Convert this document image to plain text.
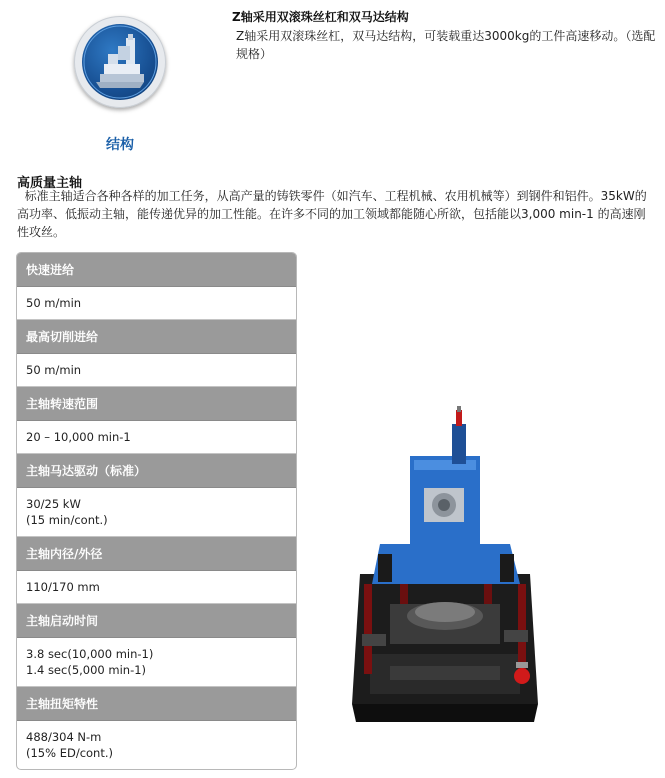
结构
Z轴采用双滚珠丝杠和双马达结构
Z轴采用双滚珠丝杠，双马达结构，可装载重达3000kg的工件高速移动。（选配规格）
高质量主轴
标准主轴适合各种各样的加工任务，从高产量的铸铁零件（如汽车、工程机械、农用机械等）到钢件和铝件。35kW的高功率、低振动主轴，能传递优异的加工性能。在许多不同的加工领域都能随心所欲，包括能以3,000 min-1 的高速刚性攻丝。
快速进给
50 m/min
最高切削进给
50 m/min
主轴转速范围
20 – 10,000 min-1
主轴马达驱动（标准）
30/25 kW
(15 min/cont.)
主轴内径/外径
110/170 mm
主轴启动时间
3.8 sec(10,000 min-1)
1.4 sec(5,000 min-1)
主轴扭矩特性
488/304 N-m
(15% ED/cont.)
